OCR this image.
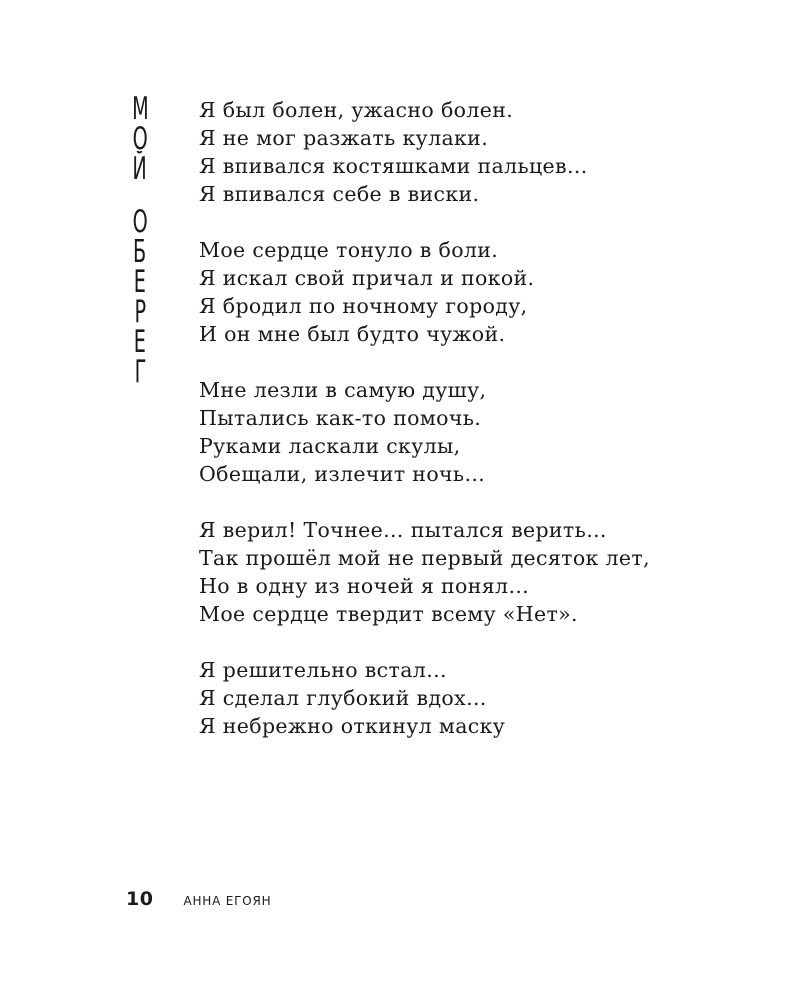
М
О
Й
О
Б
Е
Р
Е
Г
Я был болен, ужасно болен.
Я не мог разжать кулаки.
Я впивался костяшками пальцев…
Я впивался себе в виски.
Мое сердце тонуло в боли.
Я искал свой причал и покой.
Я бродил по ночному городу,
И он мне был будто чужой.
Мне лезли в самую душу,
Пытались как-то помочь.
Руками ласкали скулы,
Обещали, излечит ночь…
Я верил! Точнее… пытался верить…
Так прошёл мой не первый десяток лет,
Но в одну из ночей я понял…
Мое сердце твердит всему «Нет».
Я решительно встал…
Я сделал глубокий вдох…
Я небрежно откинул маску
10	АННА ЕГОЯН
